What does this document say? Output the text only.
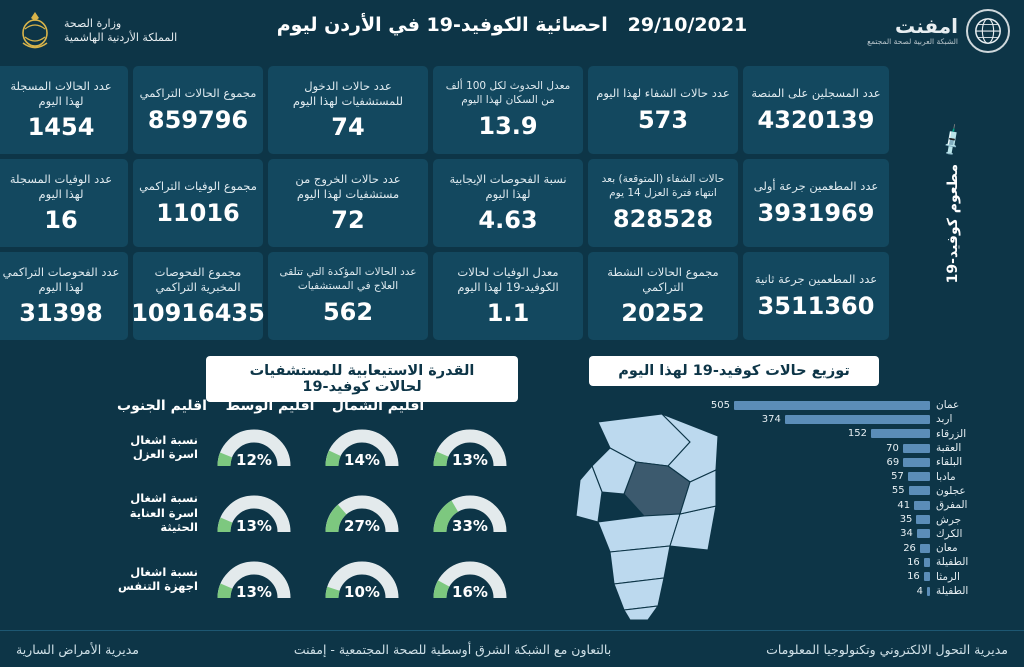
امفنت
الشبكة العربية لصحة المجتمع
وزارة الصحة
المملكة الأردنية الهاشمية
29/10/2021   احصائية الكوفيد-19 في الأردن ليوم
💉
مطعوم كوفيد-19
عدد المسجلين على المنصة
4320139
عدد حالات الشفاء لهذا اليوم
573
معدل الحدوث لكل 100 ألف من السكان لهذا اليوم
13.9
عدد حالات الدخول للمستشفيات لهذا اليوم
74
مجموع الحالات التراكمي
859796
عدد الحالات المسجلة لهذا اليوم
1454
عدد المطعمين جرعة أولى
3931969
حالات الشفاء (المتوقعة) بعد انتهاء فترة العزل 14 يوم
828528
نسبة الفحوصات الإيجابية لهذا اليوم
4.63
عدد حالات الخروج من مستشفيات لهذا اليوم
72
مجموع الوفيات التراكمي
11016
عدد الوفيات المسجلة لهذا اليوم
16
عدد المطعمين جرعة ثانية
3511360
مجموع الحالات النشطة التراكمي
20252
معدل الوفيات لحالات الكوفيد-19 لهذا اليوم
1.1
عدد الحالات المؤكدة التي تتلقى العلاج في المستشفيات
562
مجموع الفحوصات المخبرية التراكمي
10916435
عدد الفحوصات التراكمي لهذا اليوم
31398
توزيع حالات كوفيد-19 لهذا اليوم
القدرة الاستيعابية للمستشفيات لحالات كوفيد-19
عمان
505
اربد
374
الزرقاء
152
العقبة
70
البلقاء
69
مادبا
57
عجلون
55
المفرق
41
جرش
35
الكرك
34
معان
26
الطفيلة
16
الرمثا
16
الطفيلة
4
اقليم الشمال
اقليم الوسط
اقليم الجنوب
13%
14%
12%
نسبة اشغال اسرة العزل
33%
27%
13%
نسبة اشغال اسرة العناية الحثيثة
16%
10%
13%
نسبة اشغال اجهزة التنفس
مديرية التحول الالكتروني وتكنولوجيا المعلومات
بالتعاون مع الشبكة الشرق أوسطية للصحة المجتمعية - إمفنت
مديرية الأمراض السارية
